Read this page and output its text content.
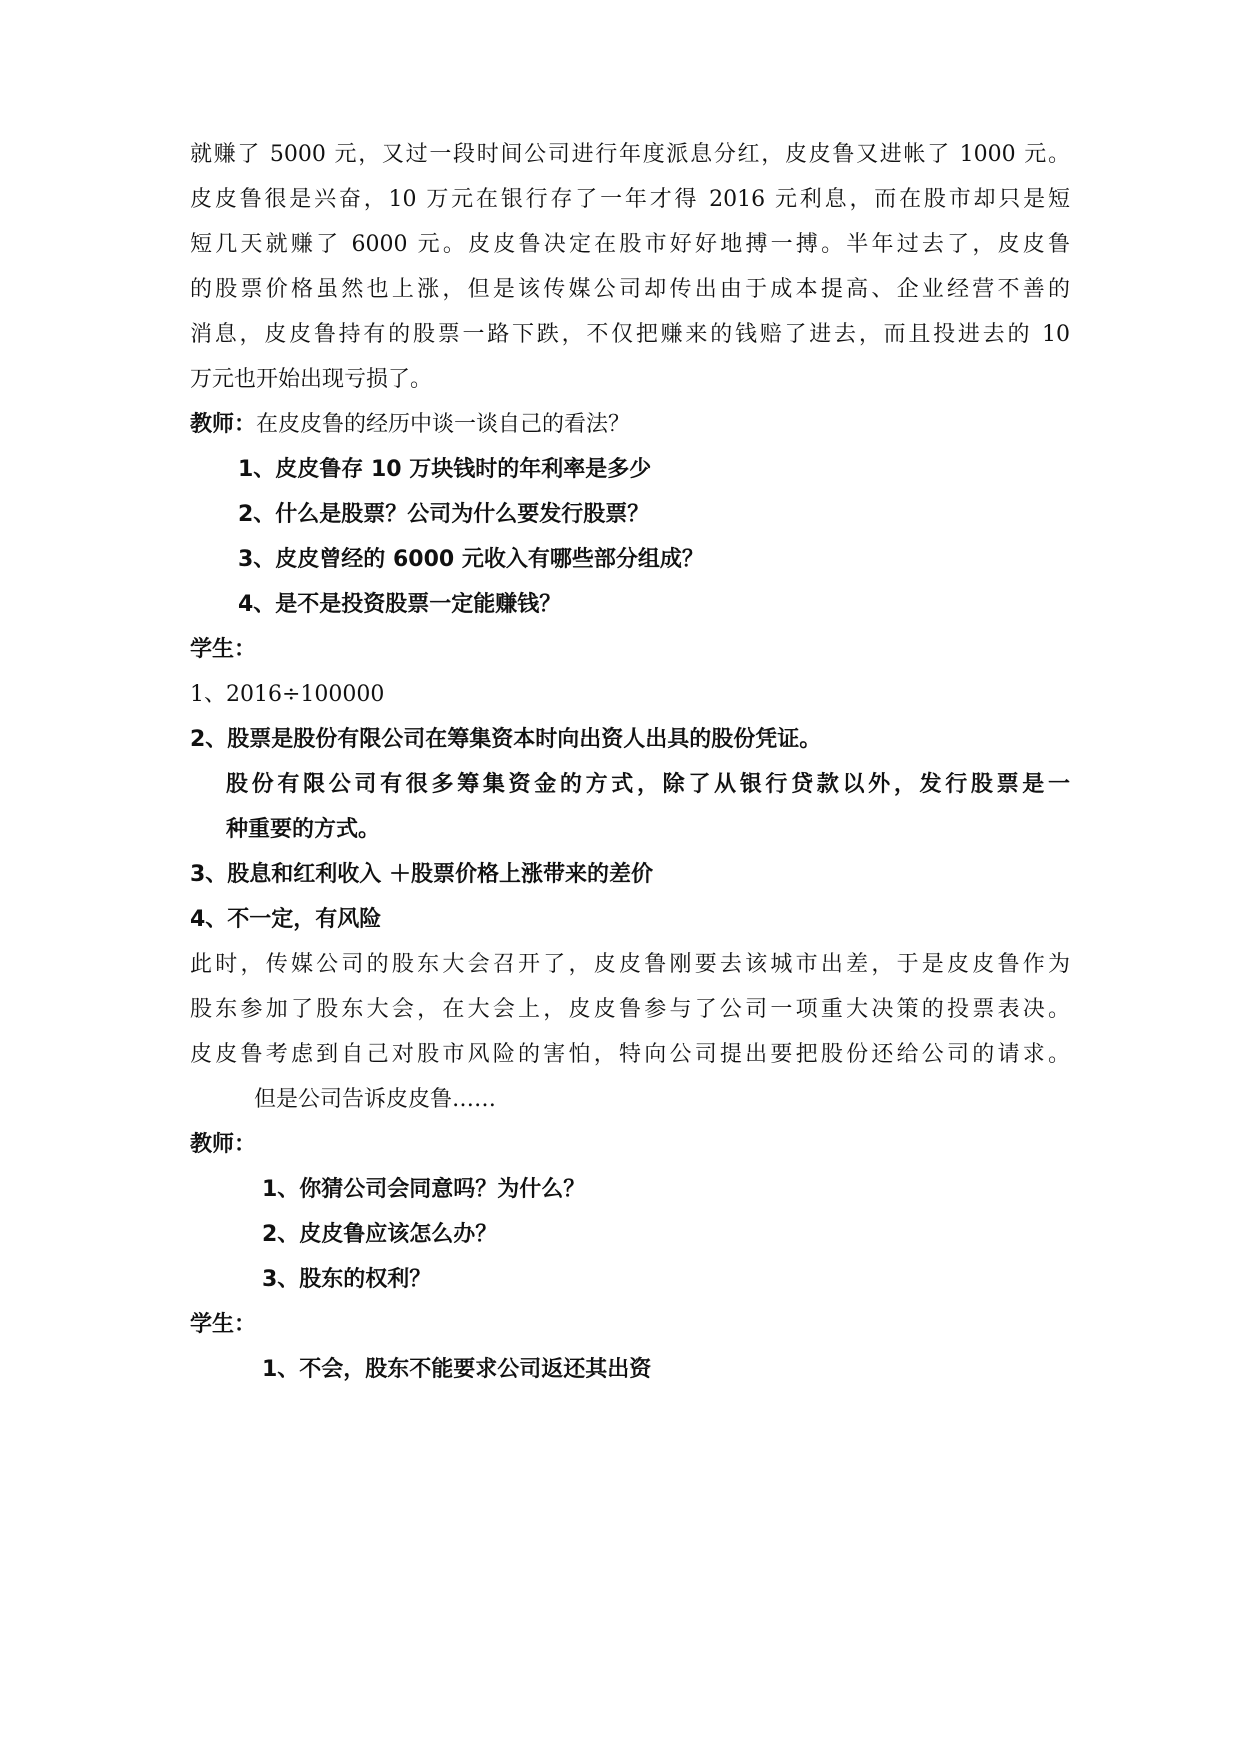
就赚了 5000 元，又过一段时间公司进行年度派息分红，皮皮鲁又进帐了 1000 元。
皮皮鲁很是兴奋，10 万元在银行存了一年才得 2016 元利息，而在股市却只是短
短几天就赚了 6000 元。皮皮鲁决定在股市好好地搏一搏。半年过去了，皮皮鲁
的股票价格虽然也上涨，但是该传媒公司却传出由于成本提高、企业经营不善的
消息，皮皮鲁持有的股票一路下跌，不仅把赚来的钱赔了进去，而且投进去的 10
万元也开始出现亏损了。
教师：在皮皮鲁的经历中谈一谈自己的看法？
1、皮皮鲁存 10 万块钱时的年利率是多少
2、什么是股票？公司为什么要发行股票？
3、皮皮曾经的 6000 元收入有哪些部分组成？
4、是不是投资股票一定能赚钱？
学生：
1、2016÷100000
2、股票是股份有限公司在筹集资本时向出资人出具的股份凭证。
股份有限公司有很多筹集资金的方式，除了从银行贷款以外，发行股票是一
种重要的方式。
3、股息和红利收入 ＋股票价格上涨带来的差价
4、不一定，有风险
此时，传媒公司的股东大会召开了，皮皮鲁刚要去该城市出差，于是皮皮鲁作为
股东参加了股东大会，在大会上，皮皮鲁参与了公司一项重大决策的投票表决。
皮皮鲁考虑到自己对股市风险的害怕，特向公司提出要把股份还给公司的请求。
但是公司告诉皮皮鲁……
教师：
1、你猜公司会同意吗？为什么？
2、皮皮鲁应该怎么办？
3、股东的权利？
学生：
1、不会，股东不能要求公司返还其出资
